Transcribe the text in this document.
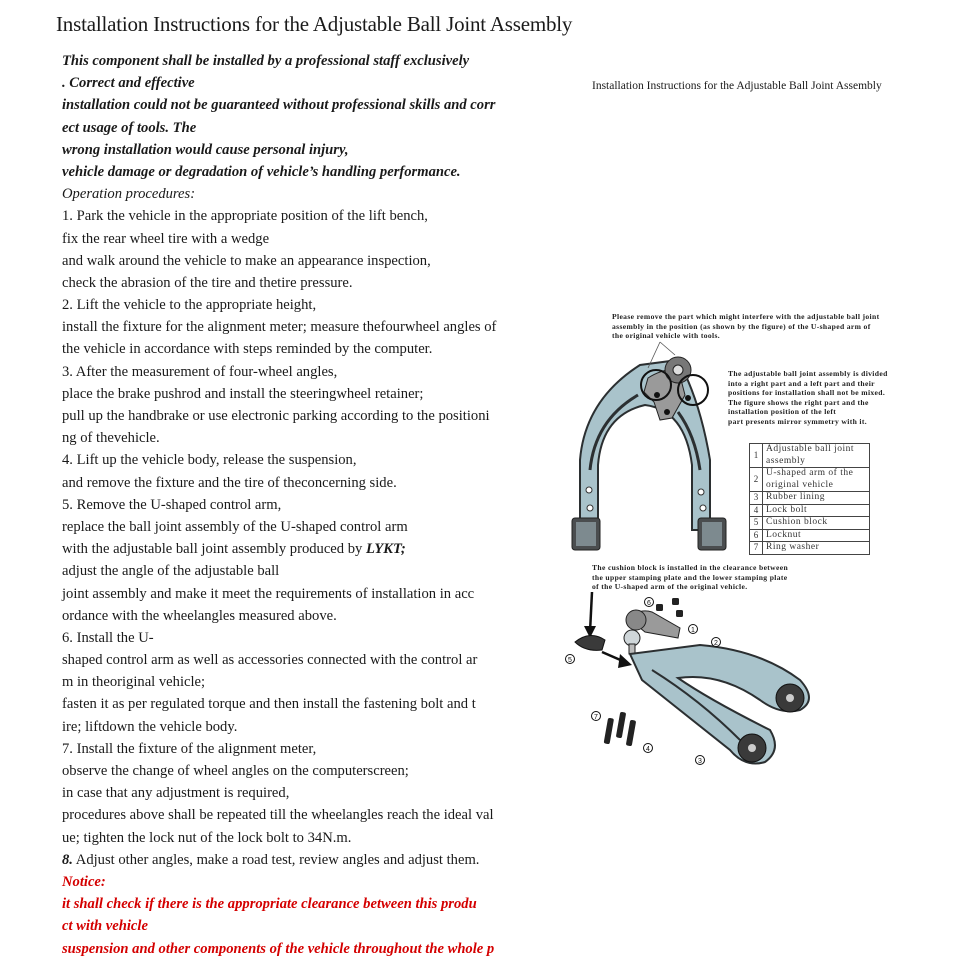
Installation Instructions for the Adjustable Ball Joint Assembly
This component shall be installed by a professional staff exclusively
. Correct and effective
installation could not be guaranteed without professional skills and corr
ect usage of tools. The
wrong installation would cause personal injury,
vehicle damage or degradation of vehicle’s handling performance.
Operation procedures:
1. Park the vehicle in the appropriate position of the lift bench,
fix the rear wheel tire with a wedge
and walk around the vehicle to make an appearance inspection,
check the abrasion of the tire and thetire pressure.
2. Lift the vehicle to the appropriate height,
install the fixture for the alignment meter; measure thefourwheel angles of
the vehicle in accordance with steps reminded by the computer.
3. After the measurement of four-wheel angles,
place the brake pushrod and install the steeringwheel retainer;
pull up the handbrake or use electronic parking according to the positioni
ng of thevehicle.
4. Lift up the vehicle body, release the suspension,
and remove the fixture and the tire of theconcerning side.
5. Remove the U-shaped control arm,
replace the ball joint assembly of the U-shaped control arm
with the adjustable ball joint assembly produced by LYKT;
adjust the angle of the adjustable ball
joint assembly and make it meet the requirements of installation in acc
ordance with the wheelangles measured above.
6. Install the U-
shaped control arm as well as accessories connected with the control ar
m in theoriginal vehicle;
fasten it as per regulated torque and then install the fastening bolt and t
ire; liftdown the vehicle body.
7. Install the fixture of the alignment meter,
observe the change of wheel angles on the computerscreen;
in case that any adjustment is required,
procedures above shall be repeated till the wheelangles reach the ideal val
ue; tighten the lock nut of the lock bolt to 34N.m.
8. Adjust other angles, make a road test, review angles and adjust them.
Notice:
it shall check if there is the appropriate clearance between this produ
ct with vehicle
suspension and other components of the vehicle throughout the whole p
Installation Instructions for the Adjustable Ball Joint Assembly
Please remove the part which might interfere with the adjustable ball joint
assembly in the position (as shown by the figure) of the U-shaped arm of
the original vehicle with tools.
The adjustable ball joint assembly is divided
into a right part and a left part and their
positions for installation shall not be mixed.
The figure shows the right part and the
installation position of the left
part presents mirror symmetry with it.
1	Adjustable ball joint assembly
2	U-shaped arm of the original vehicle
3	Rubber lining
4	Lock bolt
5	Cushion block
6	Locknut
7	Ring washer
The cushion block is installed in the clearance between
the upper stamping plate and the lower stamping plate
of the U-shaped arm of the original vehicle.
6
1
2
5
7
4
3
